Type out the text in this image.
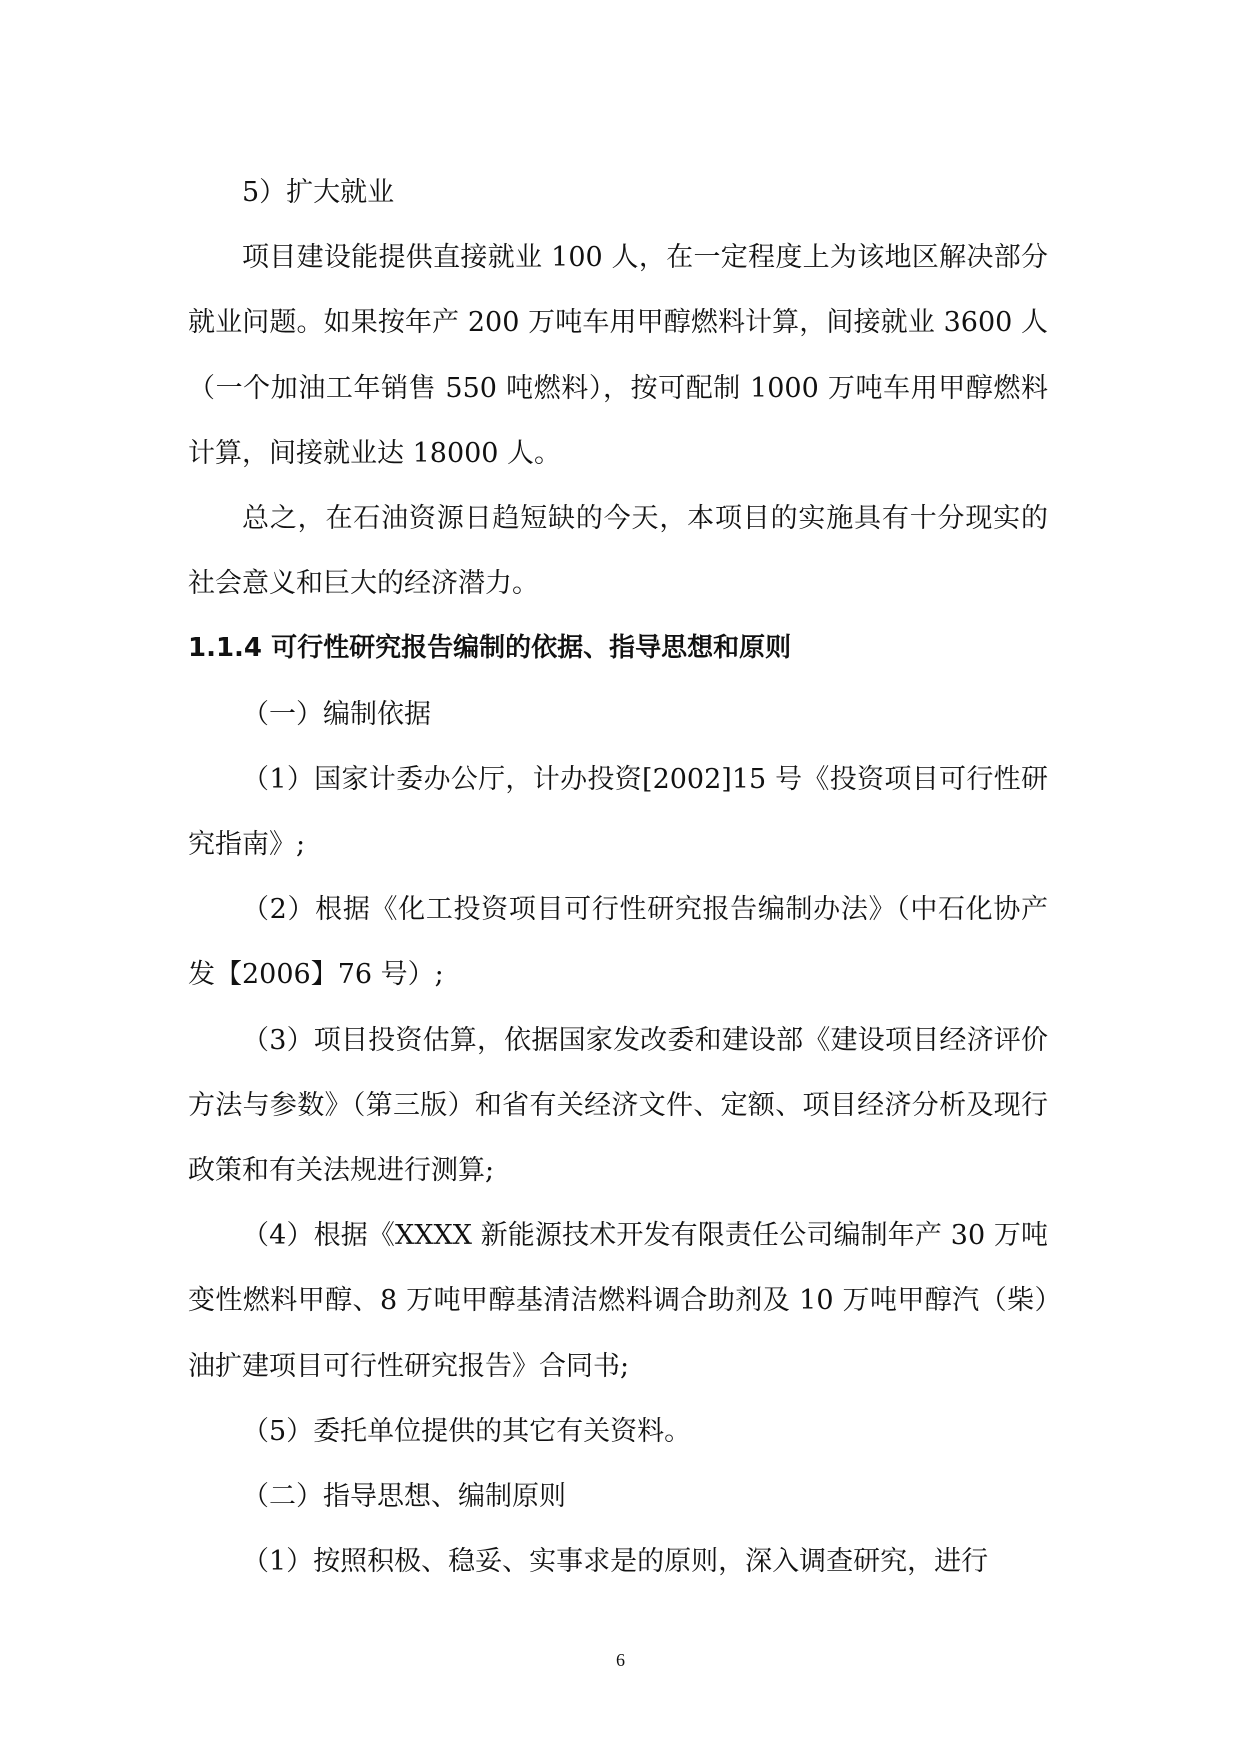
5）扩大就业

项目建设能提供直接就业 100 人，在一定程度上为该地区解决部分就业问题。如果按年产 200 万吨车用甲醇燃料计算，间接就业 3600 人（一个加油工年销售 550 吨燃料），按可配制 1000 万吨车用甲醇燃料计算，间接就业达 18000 人。

总之，在石油资源日趋短缺的今天，本项目的实施具有十分现实的社会意义和巨大的经济潜力。

1.1.4 可行性研究报告编制的依据、指导思想和原则

（一）编制依据

（1）国家计委办公厅，计办投资[2002]15 号《投资项目可行性研究指南》;

（2）根据《化工投资项目可行性研究报告编制办法》（中石化协产发【2006】76 号）;

（3）项目投资估算，依据国家发改委和建设部《建设项目经济评价方法与参数》（第三版）和省有关经济文件、定额、项目经济分析及现行政策和有关法规进行测算;

（4）根据《XXXX 新能源技术开发有限责任公司编制年产 30 万吨变性燃料甲醇、8 万吨甲醇基清洁燃料调合助剂及 10 万吨甲醇汽（柴）油扩建项目可行性研究报告》合同书;

（5）委托单位提供的其它有关资料。

（二）指导思想、编制原则

（1）按照积极、稳妥、实事求是的原则，深入调查研究，进行

6
